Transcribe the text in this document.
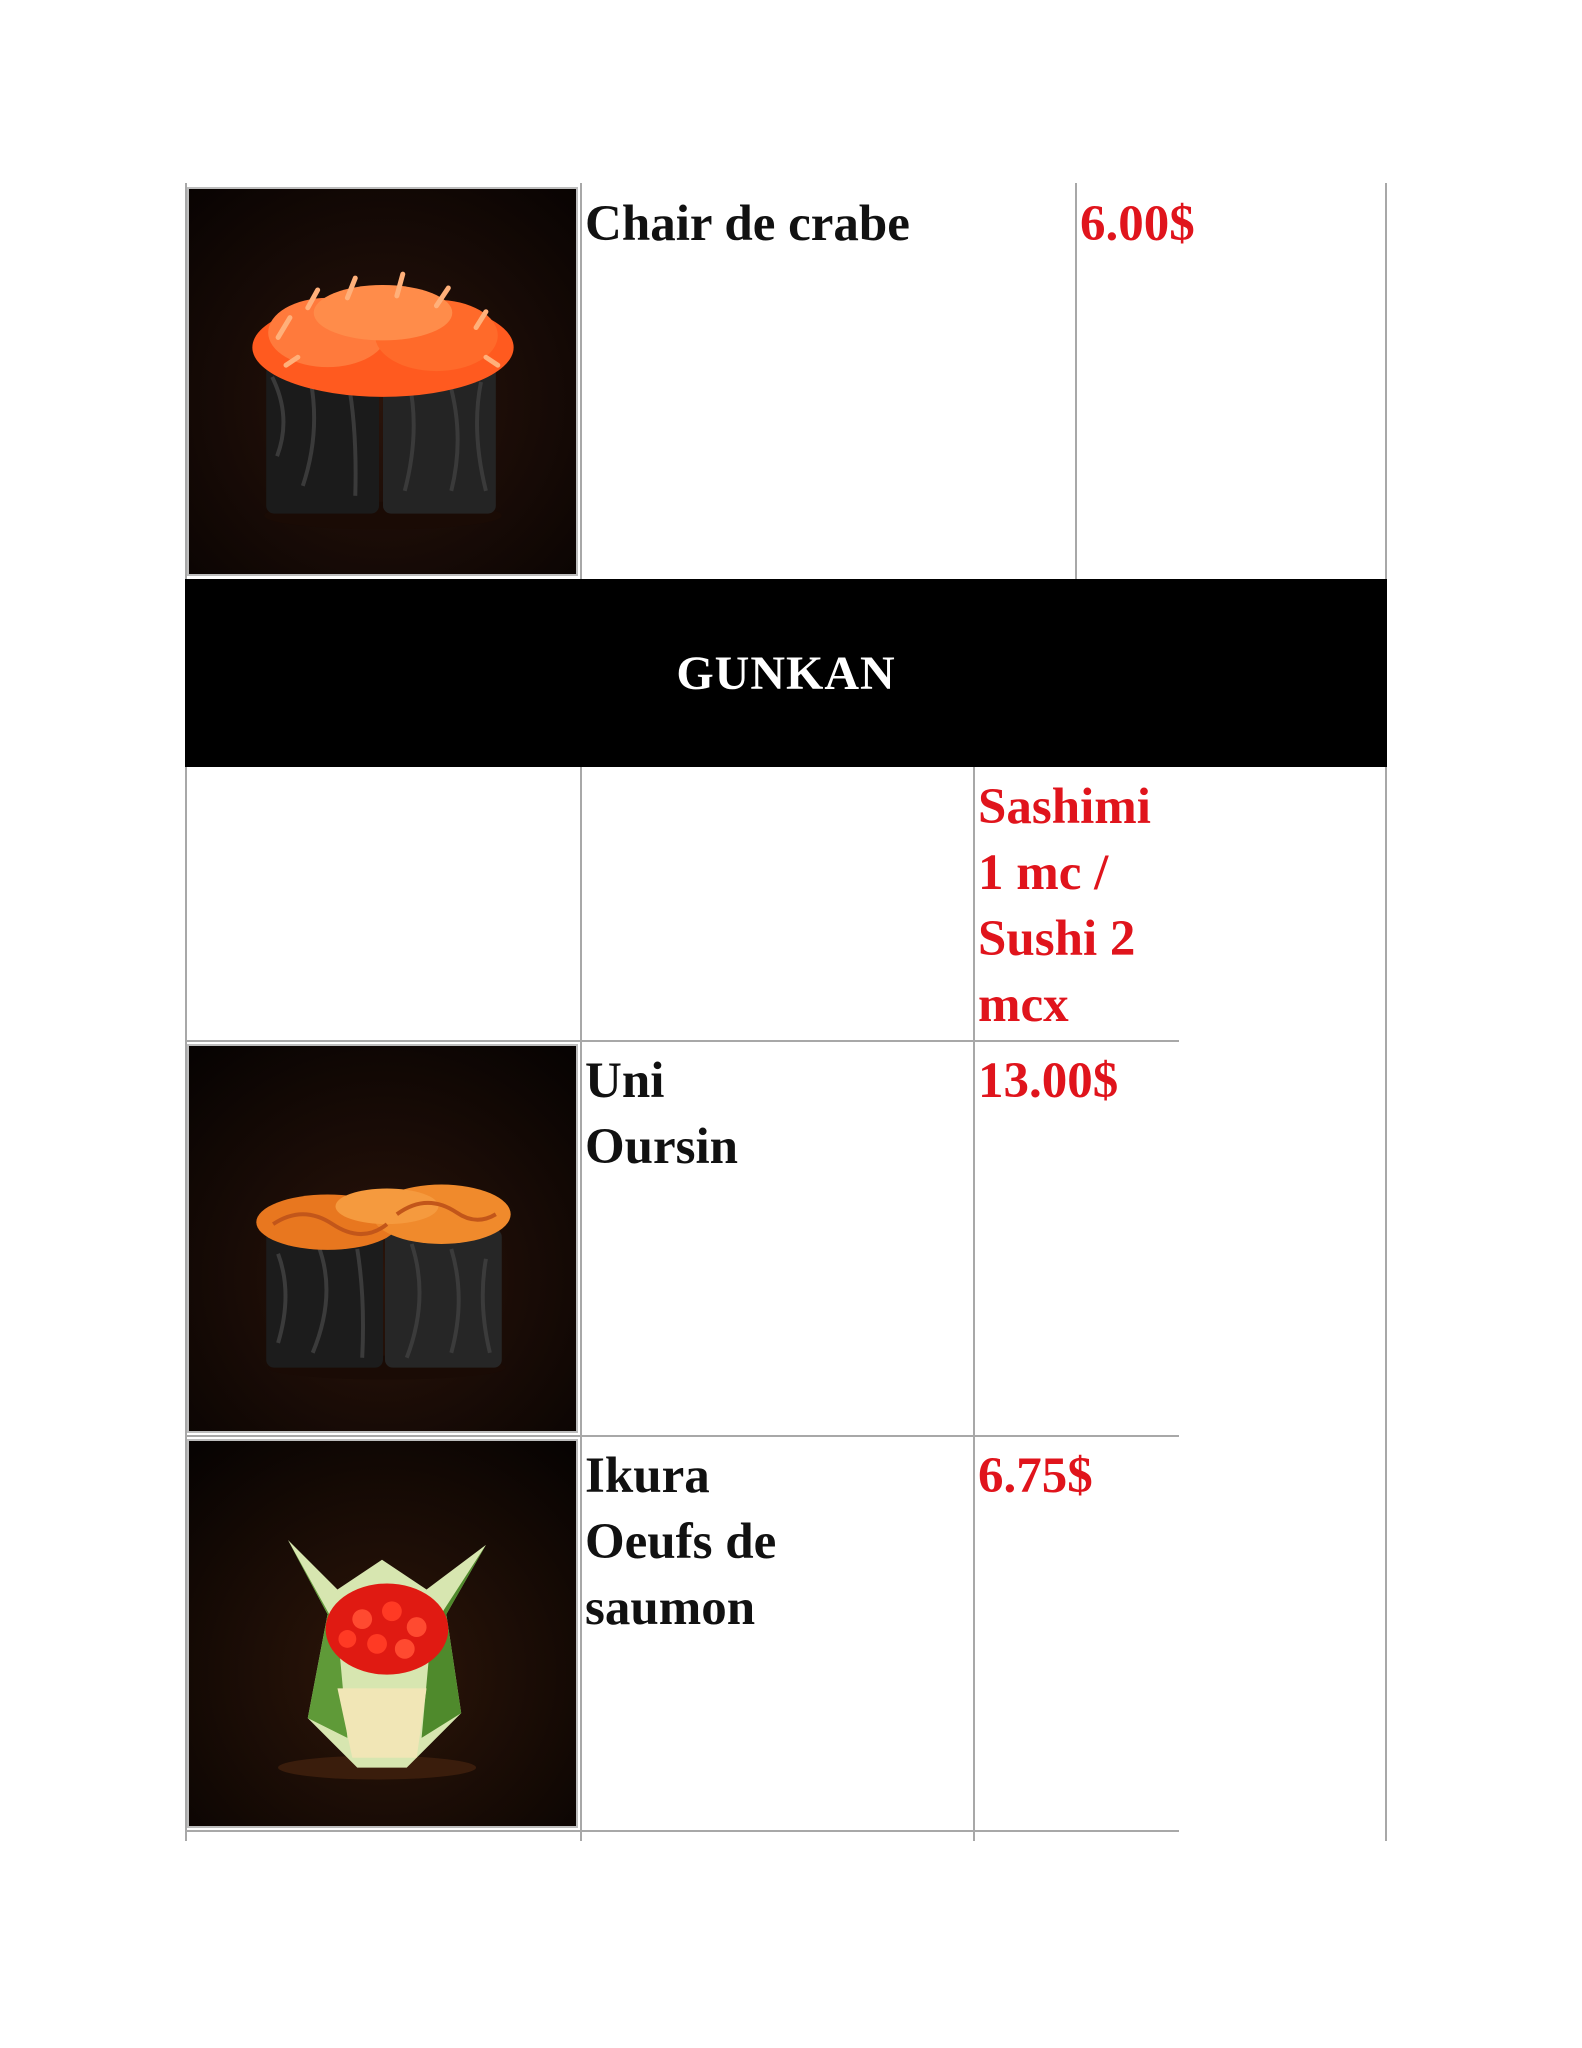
Chair de crabe	6.00$
GUNKAN
Sashimi
1 mc /
Sushi 2
mcx
Uni
Oursin
13.00$
Ikura
Oeufs de
saumon
6.75$
